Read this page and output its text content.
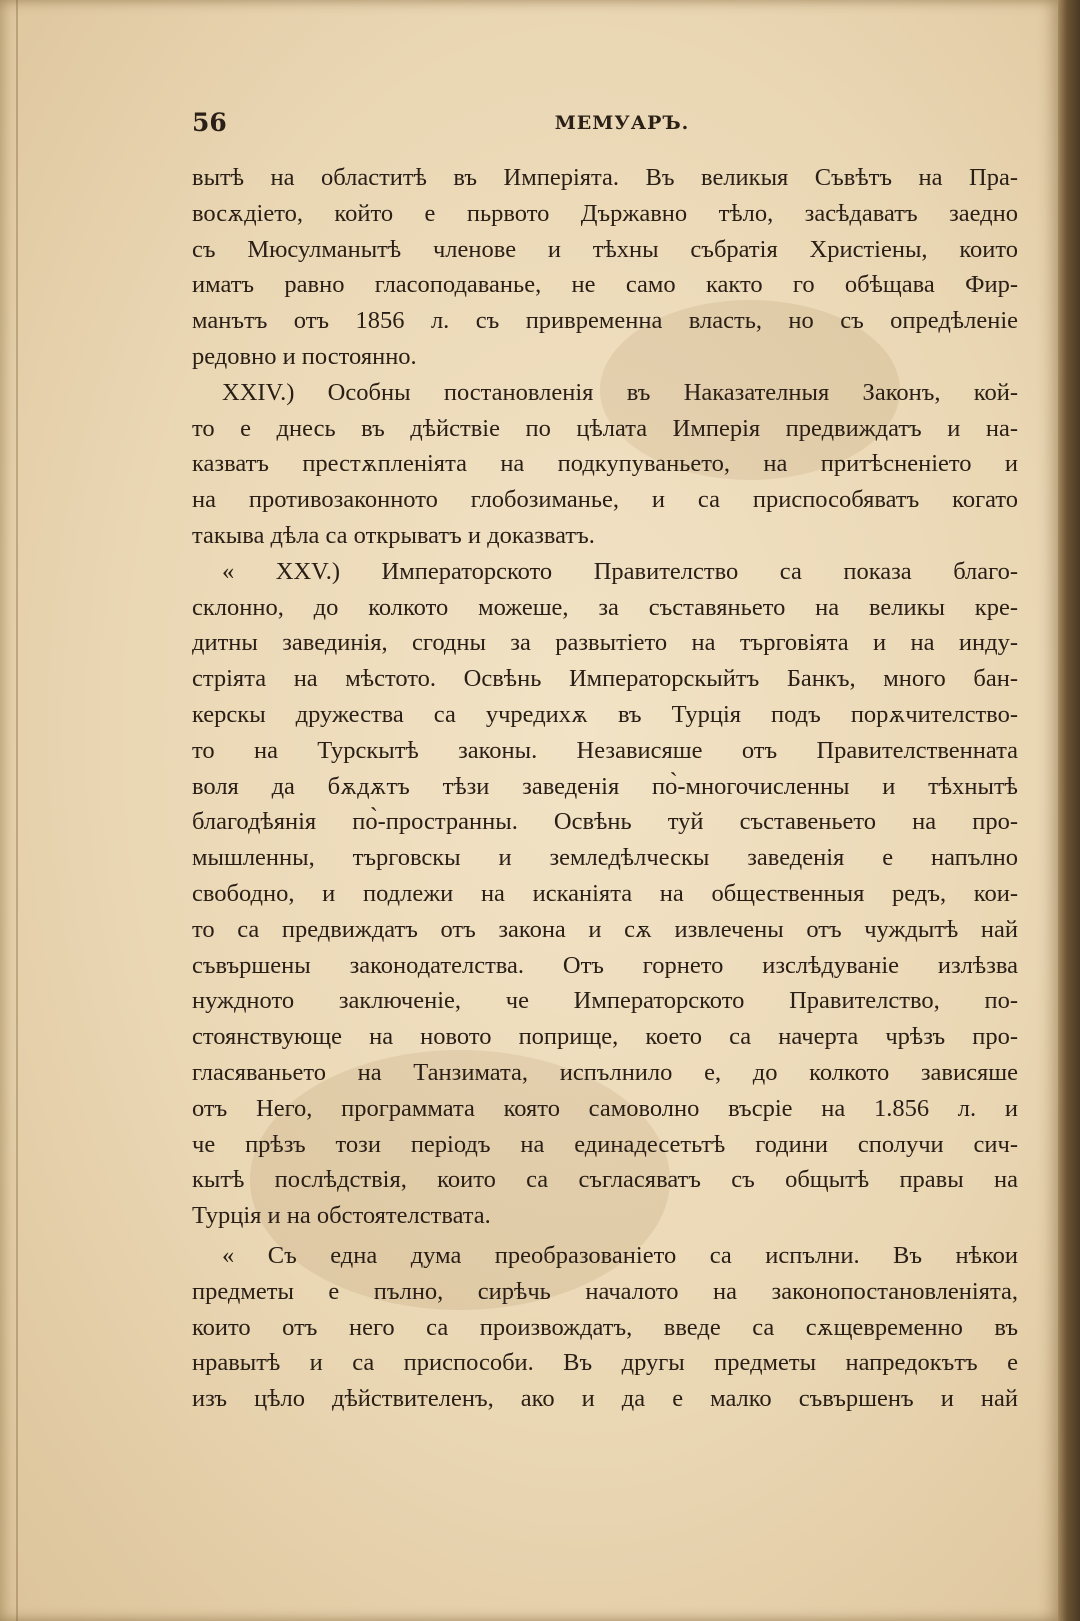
56	МЕМУАРЪ.
вытѣ на областитѣ въ Имперіята. Въ великыя Съвѣтъ на Пра-
восѫдіето, който е пьрвото Държавно тѣло, засѣдаватъ заедно
съ Мюсулманытѣ членове и тѣхны събратія Христіены, които
иматъ равно гласоподаванье, не само както го обѣщава Фир-
манътъ отъ 1856 л. съ привременна власть, но съ опредѣленіе
редовно и постоянно.
XXIV.) Особны постановленія въ Наказателныя Законъ, кой-
то е днесь въ дѣйствіе по цѣлата Имперія предвиждатъ и на-
казватъ престѫпленіята на подкупуваньето, на притѣсненіето и
на противозаконното глобозиманье, и са приспособяватъ когато
такыва дѣла са открыватъ и доказватъ.
« XXV.) Императорското Правителство са показа благо-
склонно, до колкото можеше, за съставяньето на великы кре-
дитны завединія, сгодны за развытіето на търговіята и на инду-
стріята на мѣстото. Освѣнь Императорскыйтъ Банкъ, много бан-
керскы дружества са учредихѫ въ Турція подъ порѫчителство-
то на Турскытѣ законы. Независяше отъ Правителственната
воля да бѫдѫтъ тѣзи заведенія по̀-многочисленны и тѣхнытѣ
благодѣянія по̀-пространны. Освѣнь туй съставеньето на про-
мышленны, търговскы и земледѣлческы заведенія е напълно
свободно, и подлежи на исканіята на общественныя редъ, кои-
то са предвиждатъ отъ закона и сѫ извлечены отъ чуждытѣ най
съвършены законодателства. Отъ горнето изслѣдуваніе излѣзва
нуждното заключеніе, че Императорското Правителство, по-
стоянствующе на новото поприще, което са начерта чрѣзъ про-
гласяваньето на Танзимата, испълнило е, до колкото зависяше
отъ Него, программата която самоволно въсріе на 1.856 л. и
че прѣзъ този періодъ на единадесетьтѣ години сполучи сич-
кытѣ послѣдствія, които са съгласяватъ съ общытѣ правы на
Турція и на обстоятелствата.
« Съ една дума преобразованіето са испълни. Въ нѣкои
предметы е пълно, сирѣчь началото на законопостановленіята,
които отъ него са произвождатъ, введе са сѫщевременно въ
нравытѣ и са приспособи. Въ другы предметы напредокътъ е
изъ цѣло дѣйствителенъ, ако и да е малко съвършенъ и най
